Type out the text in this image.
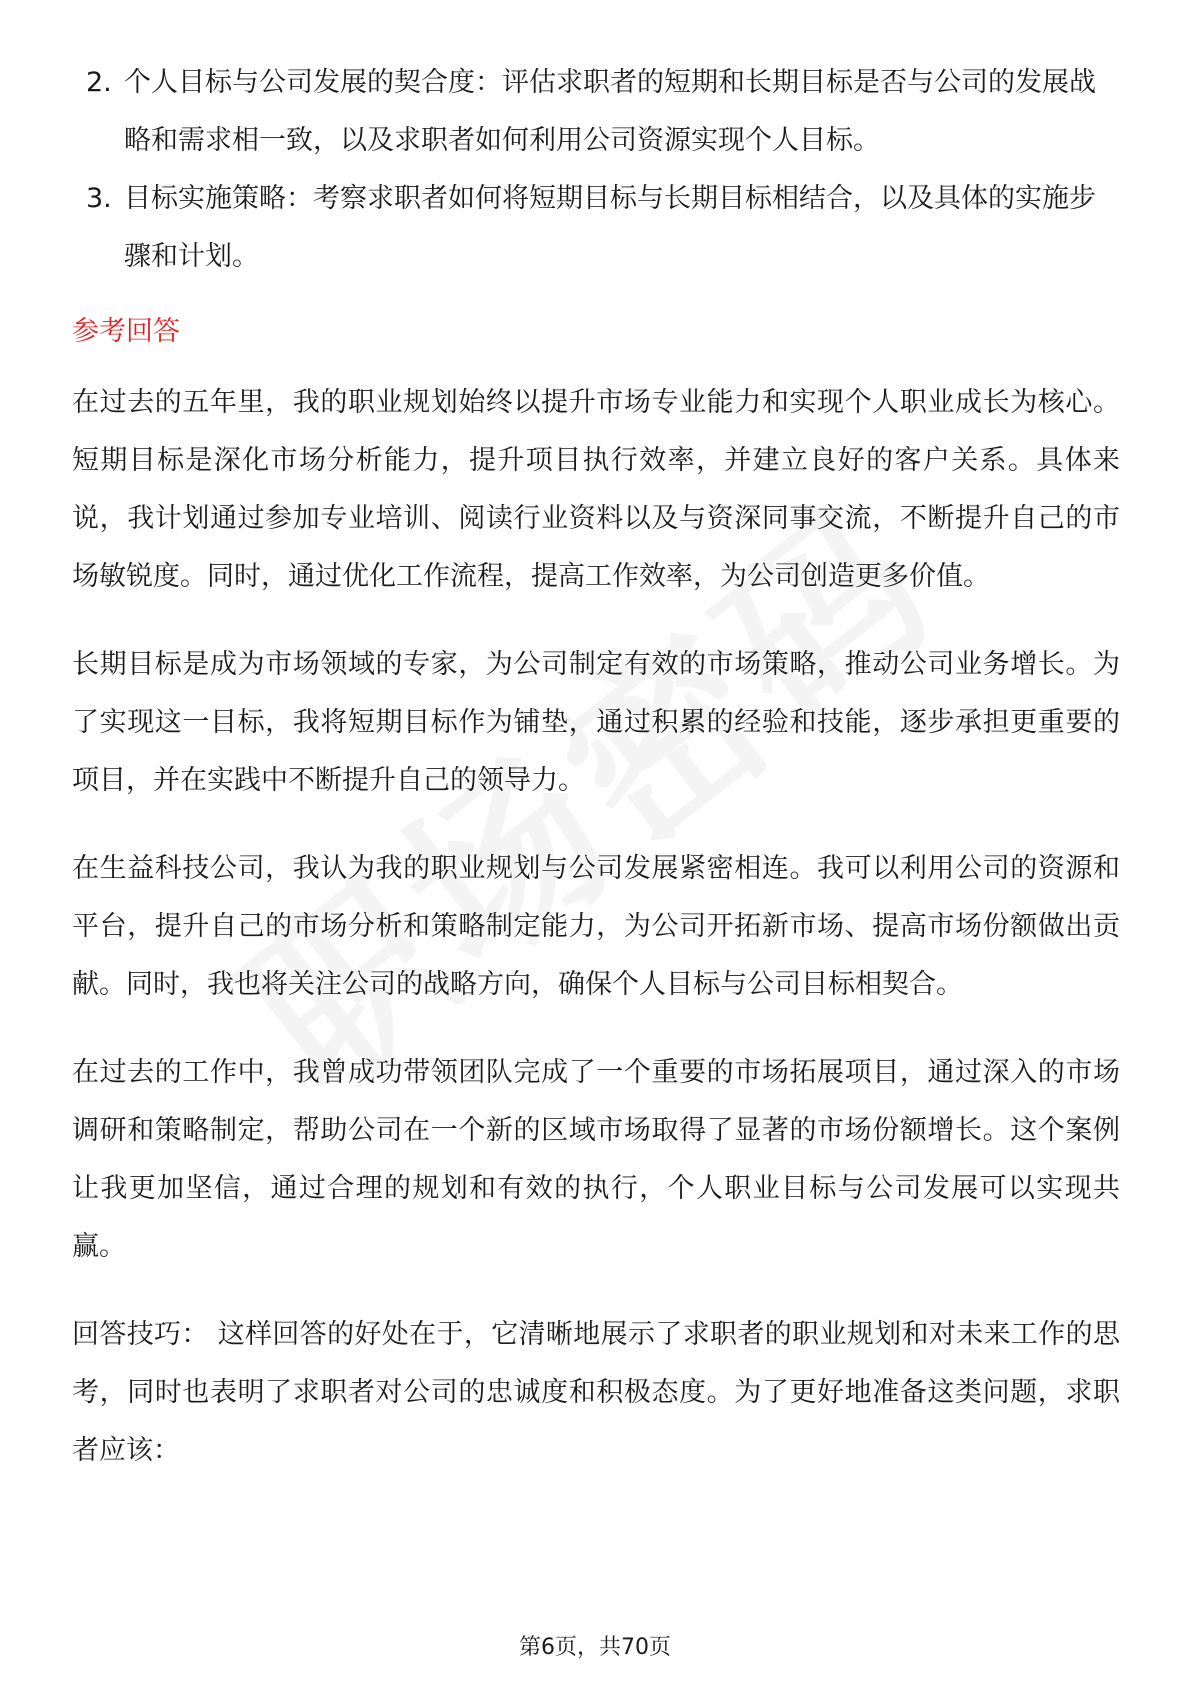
2. 个人目标与公司发展的契合度：评估求职者的短期和长期目标是否与公司的发展战略和需求相一致，以及求职者如何利用公司资源实现个人目标。
3. 目标实施策略：考察求职者如何将短期目标与长期目标相结合，以及具体的实施步骤和计划。
参考回答

在过去的五年里，我的职业规划始终以提升市场专业能力和实现个人职业成长为核心。短期目标是深化市场分析能力，提升项目执行效率，并建立良好的客户关系。具体来说，我计划通过参加专业培训、阅读行业资料以及与资深同事交流，不断提升自己的市场敏锐度。同时，通过优化工作流程，提高工作效率，为公司创造更多价值。

长期目标是成为市场领域的专家，为公司制定有效的市场策略，推动公司业务增长。为了实现这一目标，我将短期目标作为铺垫，通过积累的经验和技能，逐步承担更重要的项目，并在实践中不断提升自己的领导力。

在生益科技公司，我认为我的职业规划与公司发展紧密相连。我可以利用公司的资源和平台，提升自己的市场分析和策略制定能力，为公司开拓新市场、提高市场份额做出贡献。同时，我也将关注公司的战略方向，确保个人目标与公司目标相契合。

在过去的工作中，我曾成功带领团队完成了一个重要的市场拓展项目，通过深入的市场调研和策略制定，帮助公司在一个新的区域市场取得了显著的市场份额增长。这个案例让我更加坚信，通过合理的规划和有效的执行，个人职业目标与公司发展可以实现共赢。

回答技巧： 这样回答的好处在于，它清晰地展示了求职者的职业规划和对未来工作的思考，同时也表明了求职者对公司的忠诚度和积极态度。为了更好地准备这类问题，求职者应该：

第6页，共70页
